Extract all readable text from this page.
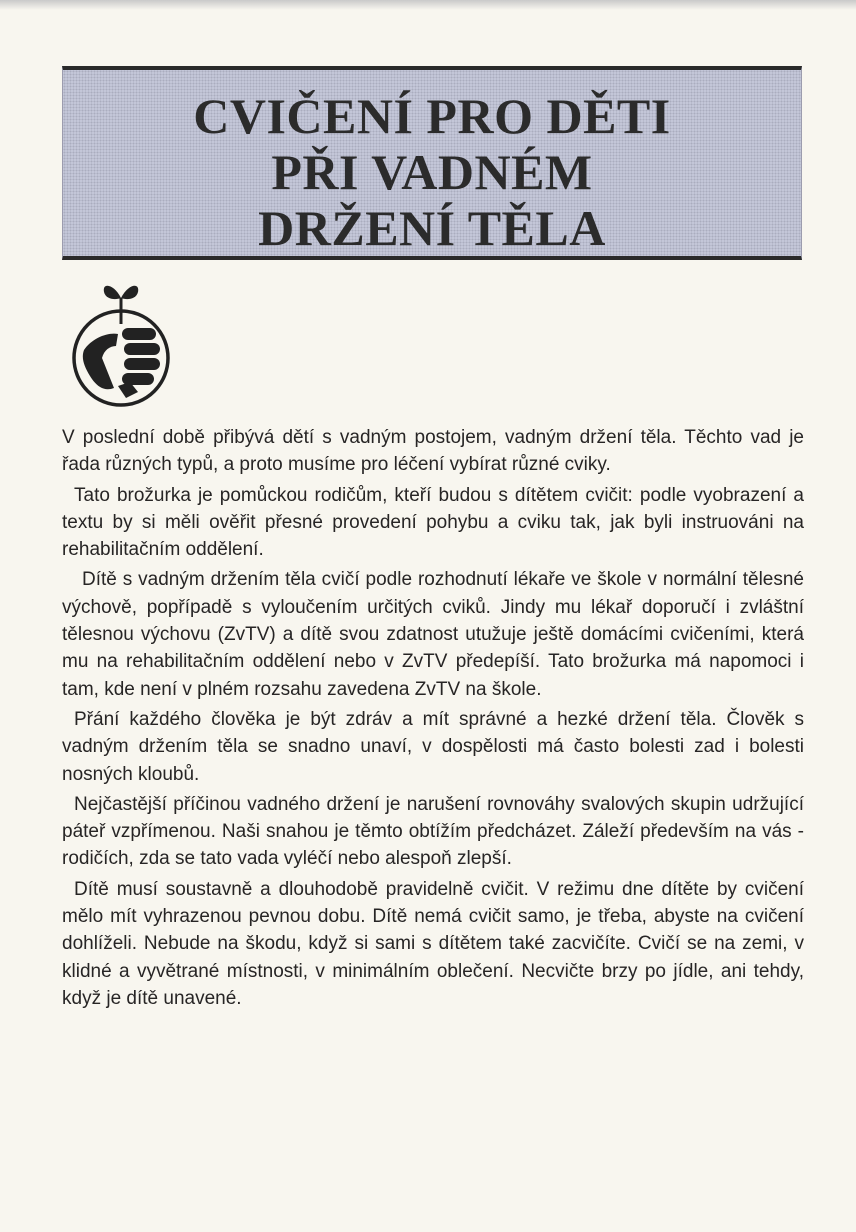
CVIČENÍ PRO DĚTI
PŘI VADNÉM
DRŽENÍ TĚLA

V poslední době přibývá dětí s vadným postojem, vadným držení těla. Těchto vad je řada různých typů, a proto musíme pro léčení vybírat různé cviky.

Tato brožurka je pomůckou rodičům, kteří budou s dítětem cvičit: podle vyobrazení a textu by si měli ověřit přesné provedení pohybu a cviku tak, jak byli instruováni na rehabilitačním oddělení.

Dítě s vadným držením těla cvičí podle rozhodnutí lékaře ve škole v normální tělesné výchově, popřípadě s vyloučením určitých cviků. Jindy mu lékař doporučí i zvláštní tělesnou výchovu (ZvTV) a dítě svou zdatnost utužuje ještě domácími cvičeními, která mu na rehabilitačním oddělení nebo v ZvTV předepíší. Tato brožurka má napomoci i tam, kde není v plném rozsahu zavedena ZvTV na škole.

Přání každého člověka je být zdráv a mít správné a hezké držení těla. Člověk s vadným držením těla se snadno unaví, v dospělosti má často bolesti zad i bolesti nosných kloubů.

Nejčastější příčinou vadného držení je narušení rovnováhy svalových skupin udržující páteř vzpřímenou. Naši snahou je těmto obtížím předcházet. Záleží především na vás - rodičích, zda se tato vada vyléčí nebo alespoň zlepší.

Dítě musí soustavně a dlouhodobě pravidelně cvičit. V režimu dne dítěte by cvičení mělo mít vyhrazenou pevnou dobu. Dítě nemá cvičit samo, je třeba, abyste na cvičení dohlíželi. Nebude na škodu, když si sami s dítětem také zacvičíte. Cvičí se na zemi, v klidné a vyvětrané místnosti, v minimálním oblečení. Necvičte brzy po jídle, ani tehdy, když je dítě unavené.
